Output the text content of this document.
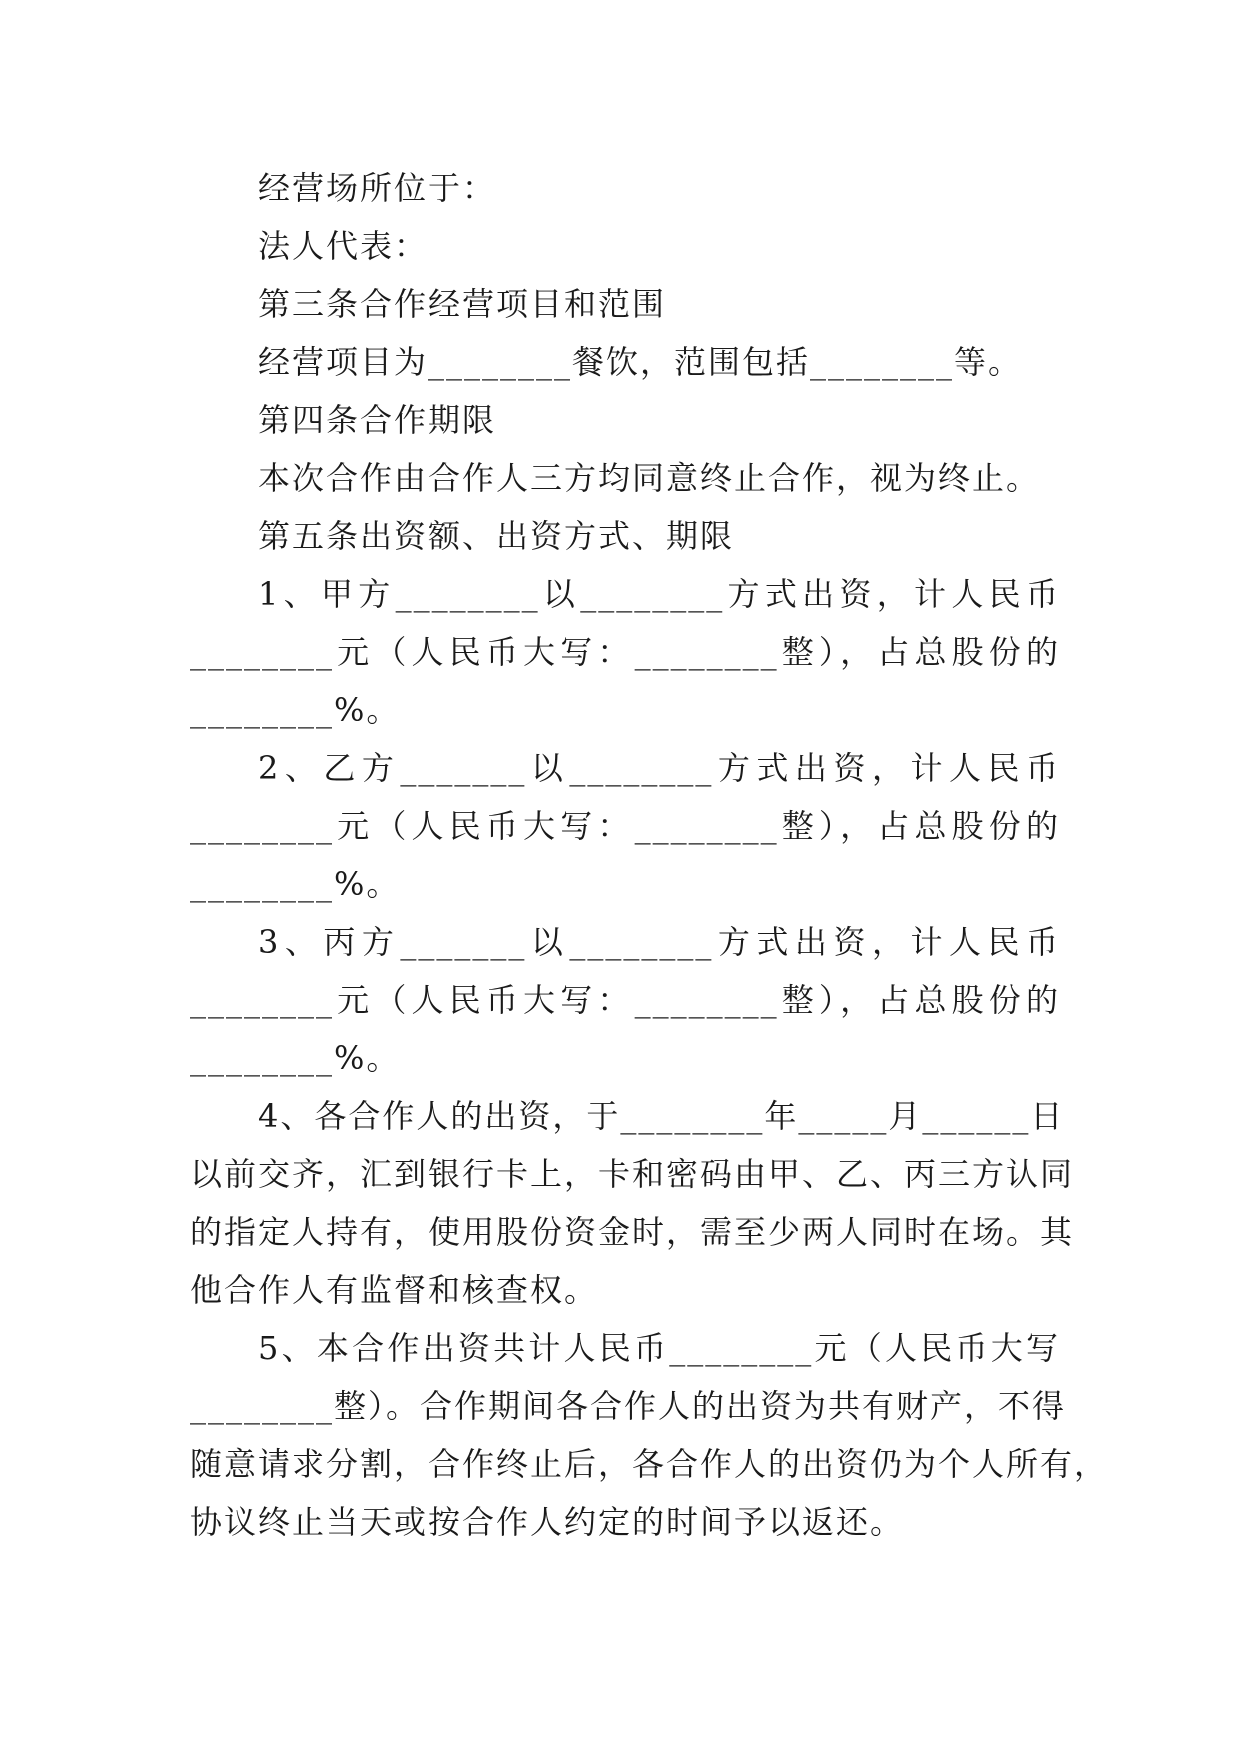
经营场所位于：
法人代表：
第三条合作经营项目和范围
经营项目为________餐饮，范围包括________等。
第四条合作期限
本次合作由合作人三方均同意终止合作，视为终止。
第五条出资额、出资方式、期限
1、甲方________以________方式出资，计人民币
________元（人民币大写：________整），占总股份的
________%。
2、乙方_______以________方式出资，计人民币
________元（人民币大写：________整），占总股份的
________%。
3、丙方_______以________方式出资，计人民币
________元（人民币大写：________整），占总股份的
________%。
4、各合作人的出资，于________年_____月______日
以前交齐，汇到银行卡上，卡和密码由甲、乙、丙三方认同
的指定人持有，使用股份资金时，需至少两人同时在场。其
他合作人有监督和核查权。
5、本合作出资共计人民币________元（人民币大写
________整）。合作期间各合作人的出资为共有财产，不得
随意请求分割，合作终止后，各合作人的出资仍为个人所有，
协议终止当天或按合作人约定的时间予以返还。
